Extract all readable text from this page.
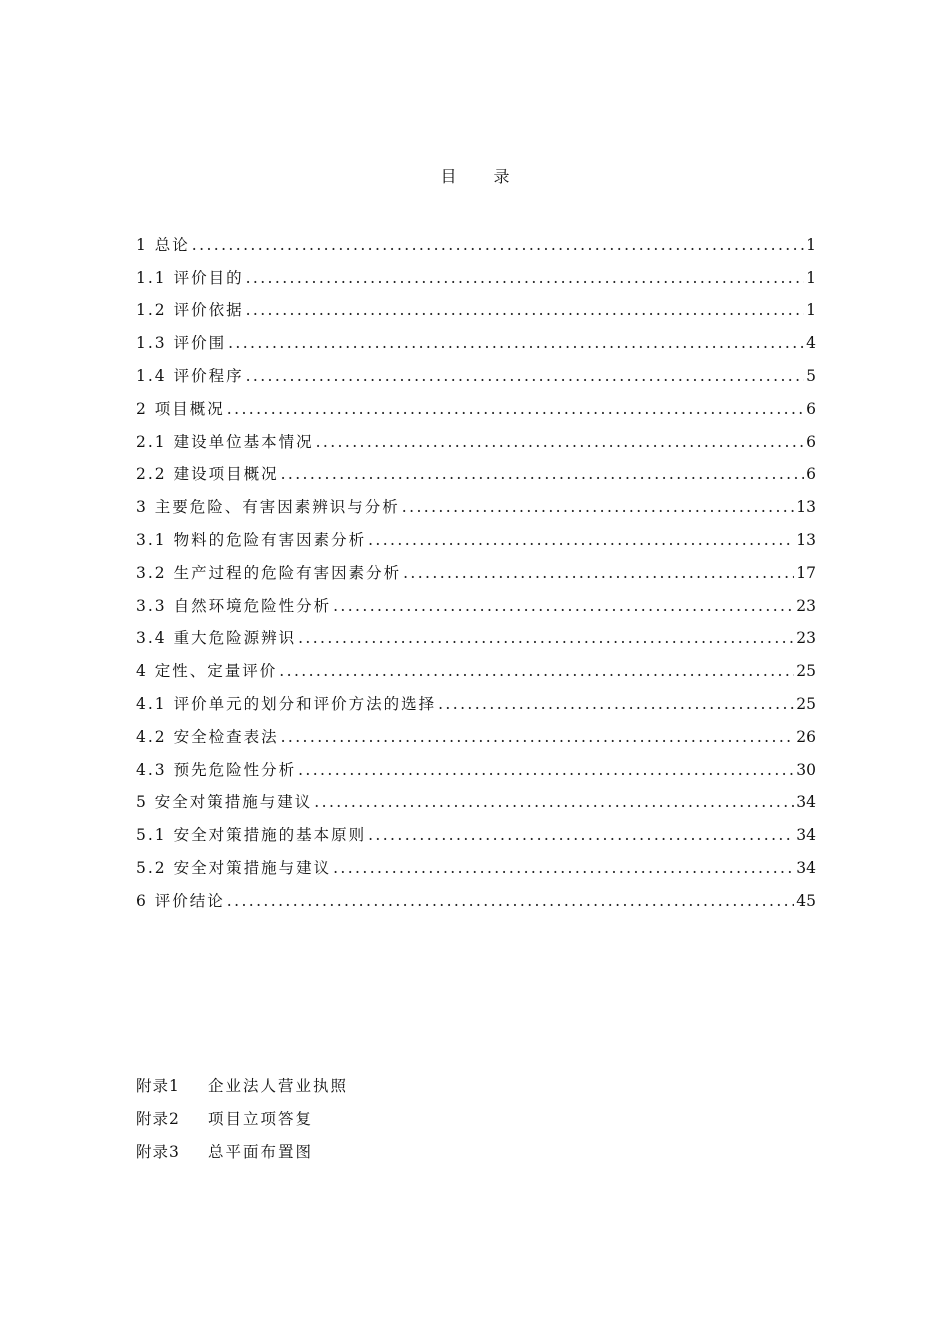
目 录
1 总论 .....	1
1.1 评价目的 .....	1
1.2 评价依据 .....	1
1.3 评价围 .....	4
1.4 评价程序 .....	5
2 项目概况 .....	6
2.1 建设单位基本情况 .....	6
2.2 建设项目概况 .....	6
3 主要危险、有害因素辨识与分析 .....	13
3.1 物料的危险有害因素分析 .....	13
3.2 生产过程的危险有害因素分析 .....	17
3.3 自然环境危险性分析 .....	23
3.4 重大危险源辨识 .....	23
4 定性、定量评价 .....	25
4.1 评价单元的划分和评价方法的选择 .....	25
4.2 安全检查表法 .....	26
4.3 预先危险性分析 .....	30
5 安全对策措施与建议 .....	34
5.1 安全对策措施的基本原则 .....	34
5.2 安全对策措施与建议 .....	34
6 评价结论 .....	45
附录1	企业法人营业执照
附录2	项目立项答复
附录3	总平面布置图
